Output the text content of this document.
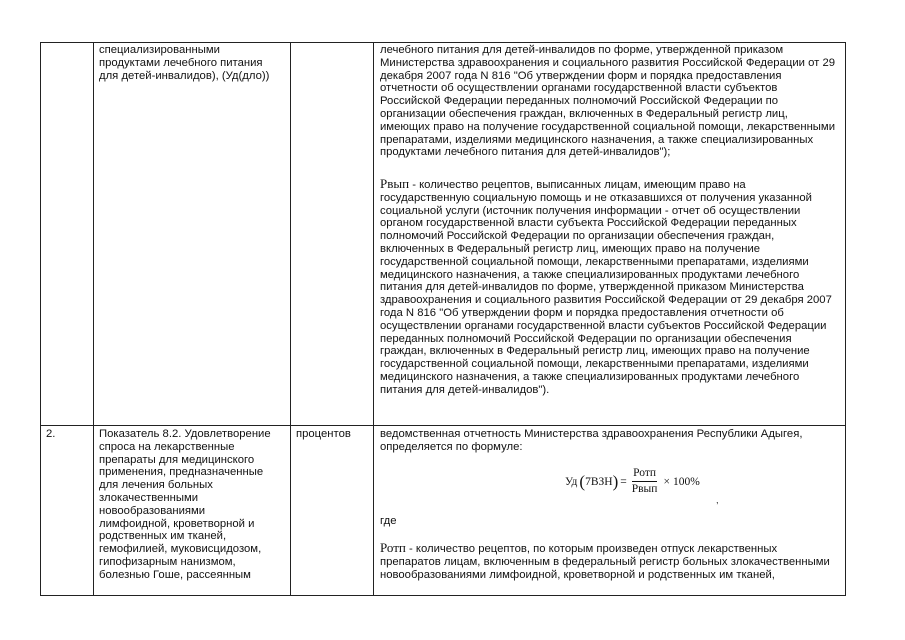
специализированными
продуктами лечебного питания
для детей-инвалидов), (Уд(дло))
лечебного питания для детей-инвалидов по форме, утвержденной приказом
Министерства здравоохранения и социального развития Российской Федерации от 29
декабря 2007 года N 816 "Об утверждении форм и порядка предоставления
отчетности об осуществлении органами государственной власти субъектов
Российской Федерации переданных полномочий Российской Федерации по
организации обеспечения граждан, включенных в Федеральный регистр лиц,
имеющих право на получение государственной социальной помощи, лекарственными
препаратами, изделиями медицинского назначения, а также специализированных
продуктами лечебного питания для детей-инвалидов");
Рвып - количество рецептов, выписанных лицам, имеющим право на
государственную социальную помощь и не отказавшихся от получения указанной
социальной услуги (источник получения информации - отчет об осуществлении
органом государственной власти субъекта Российской Федерации переданных
полномочий Российской Федерации по организации обеспечения граждан,
включенных в Федеральный регистр лиц, имеющих право на получение
государственной социальной помощи, лекарственными препаратами, изделиями
медицинского назначения, а также специализированных продуктами лечебного
питания для детей-инвалидов по форме, утвержденной приказом Министерства
здравоохранения и социального развития Российской Федерации от 29 декабря 2007
года N 816 "Об утверждении форм и порядка предоставления отчетности об
осуществлении органами государственной власти субъектов Российской Федерации
переданных полномочий Российской Федерации по организации обеспечения
граждан, включенных в Федеральный регистр лиц, имеющих право на получение
государственной социальной помощи, лекарственными препаратами, изделиями
медицинского назначения, а также специализированных продуктами лечебного
питания для детей-инвалидов").
2.	Показатель 8.2. Удовлетворение
спроса на лекарственные
препараты для медицинского
применения, предназначенные
для лечения больных
злокачественными
новообразованиями
лимфоидной, кроветворной и
родственных им тканей,
гемофилией, муковисцидозом,
гипофизарным нанизмом,
болезнью Гоше, рассеянным
процентов	ведомственная отчетность Министерства здравоохранения Республики Адыгея,
определяется по формуле:
Уд ( 7ВЗН ) = $\frac{\text{Ротп}}{\text{Рвып}} \times 100\%$
,
где
Ротп - количество рецептов, по которым произведен отпуск лекарственных
препаратов лицам, включенным в федеральный регистр больных злокачественными
новообразованиями лимфоидной, кроветворной и родственных им тканей,
